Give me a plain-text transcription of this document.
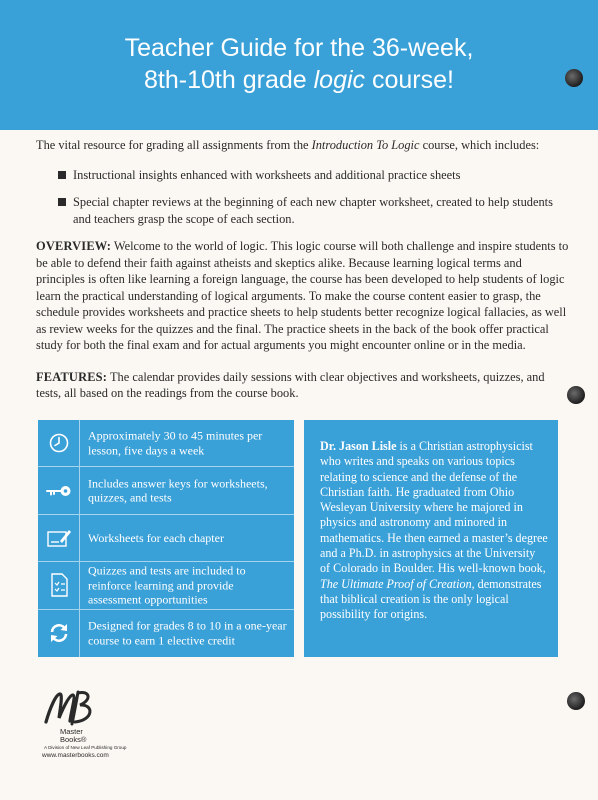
Teacher Guide for the 36-week,
8th-10th grade logic course!

The vital resource for grading all assignments from the Introduction To Logic course, which includes:

Instructional insights enhanced with worksheets and additional practice sheets
Special chapter reviews at the beginning of each new chapter worksheet, created to help students and teachers grasp the scope of each section.

OVERVIEW: Welcome to the world of logic. This logic course will both challenge and inspire students to be able to defend their faith against atheists and skeptics alike. Because learning logical terms and principles is often like learning a foreign language, the course has been developed to help students of logic learn the practical understanding of logical arguments. To make the course content easier to grasp, the schedule provides worksheets and practice sheets to help students better recognize logical fallacies, as well as review weeks for the quizzes and the final. The practice sheets in the back of the book offer practical study for both the final exam and for actual arguments you might encounter online or in the media.

FEATURES: The calendar provides daily sessions with clear objectives and worksheets, quizzes, and tests, all based on the readings from the course book.

Approximately 30 to 45 minutes per lesson, five days a week
Includes answer keys for worksheets, quizzes, and tests
Worksheets for each chapter
Quizzes and tests are included to reinforce learning and provide assessment opportunities
Designed for grades 8 to 10 in a one-year course to earn 1 elective credit

Dr. Jason Lisle is a Christian astrophysicist who writes and speaks on various topics relating to science and the defense of the Christian faith. He graduated from Ohio Wesleyan University where he majored in physics and astronomy and minored in mathematics. He then earned a master’s degree and a Ph.D. in astrophysics at the University of Colorado in Boulder. His well-known book, The Ultimate Proof of Creation, demonstrates that biblical creation is the only logical possibility for origins.

Master
Books®
A Division of New Leaf Publishing Group
www.masterbooks.com
